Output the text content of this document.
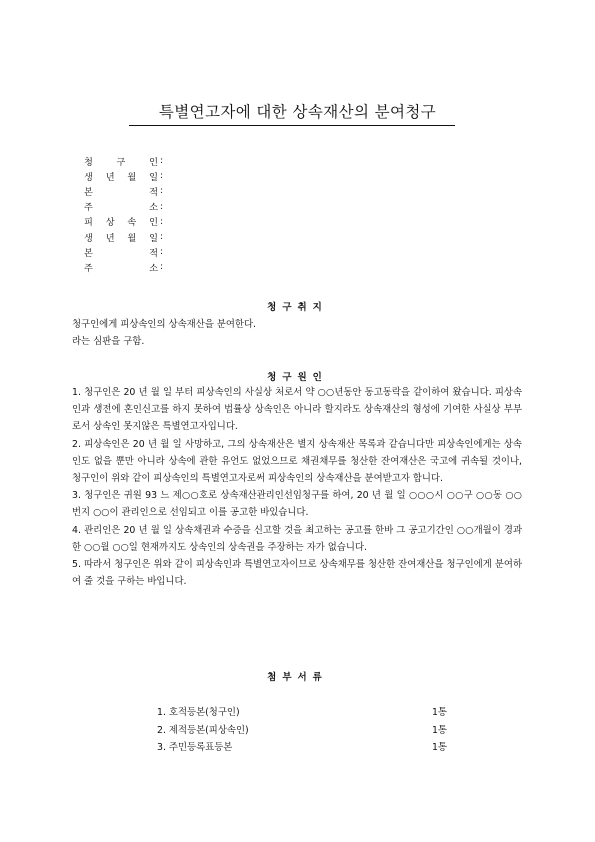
특별연고자에 대한 상속재산의 분여청구
청	구	인 :
생 년 월 일 :
본	적 :
주	소 :
피 상 속 인 :
생 년 월 일 :
본	적 :
주	소 :
청구취지

청구인에게 피상속인의 상속재산을 분여한다.

라는 심판을 구함.

청구원인

1. 청구인은 20 년 월 일 부터 피상속인의 사실상 처로서 약 ○○년동안 동고동락을 같이하여 왔습니다. 피상속인과 생전에 혼인신고를 하지 못하여 법률상 상속인은 아니라 할지라도 상속재산의 형성에 기여한 사실상 부부로서 상속인 못지않은 특별연고자입니다.

2. 피상속인은 20 년 월 일 사망하고, 그의 상속재산은 별지 상속재산 목록과 같습니다만 피상속인에게는 상속인도 없을 뿐만 아니라 상속에 관한 유언도 없었으므로 채권채무를 청산한 잔여재산은 국고에 귀속될 것이나, 청구인이 위와 같이 피상속인의 특별연고자로써 피상속인의 상속재산을 분여받고자 합니다.

3. 청구인은 귀원 93 느 제○○호로 상속재산관리인선임청구를 하여, 20 년 월 일 ○○○시 ○○구 ○○동 ○○번지 ○○이 관리인으로 선임되고 이를 공고한 바있습니다.

4. 관리인은 20 년 월 일 상속채권과 수증을 신고할 것을 최고하는 공고를 한바 그 공고기간인 ○○개월이 경과한 ○○월 ○○일 현재까지도 상속인의 상속권을 주장하는 자가 없습니다.

5. 따라서 청구인은 위와 같이 피상속인과 특별연고자이므로 상속채무를 청산한 잔여재산을 청구인에게 분여하여 줄 것을 구하는 바입니다.

첨부서류
1. 호적등본(청구인)	1통
2. 제적등본(피상속인)	1통
3. 주민등록표등본	1통
